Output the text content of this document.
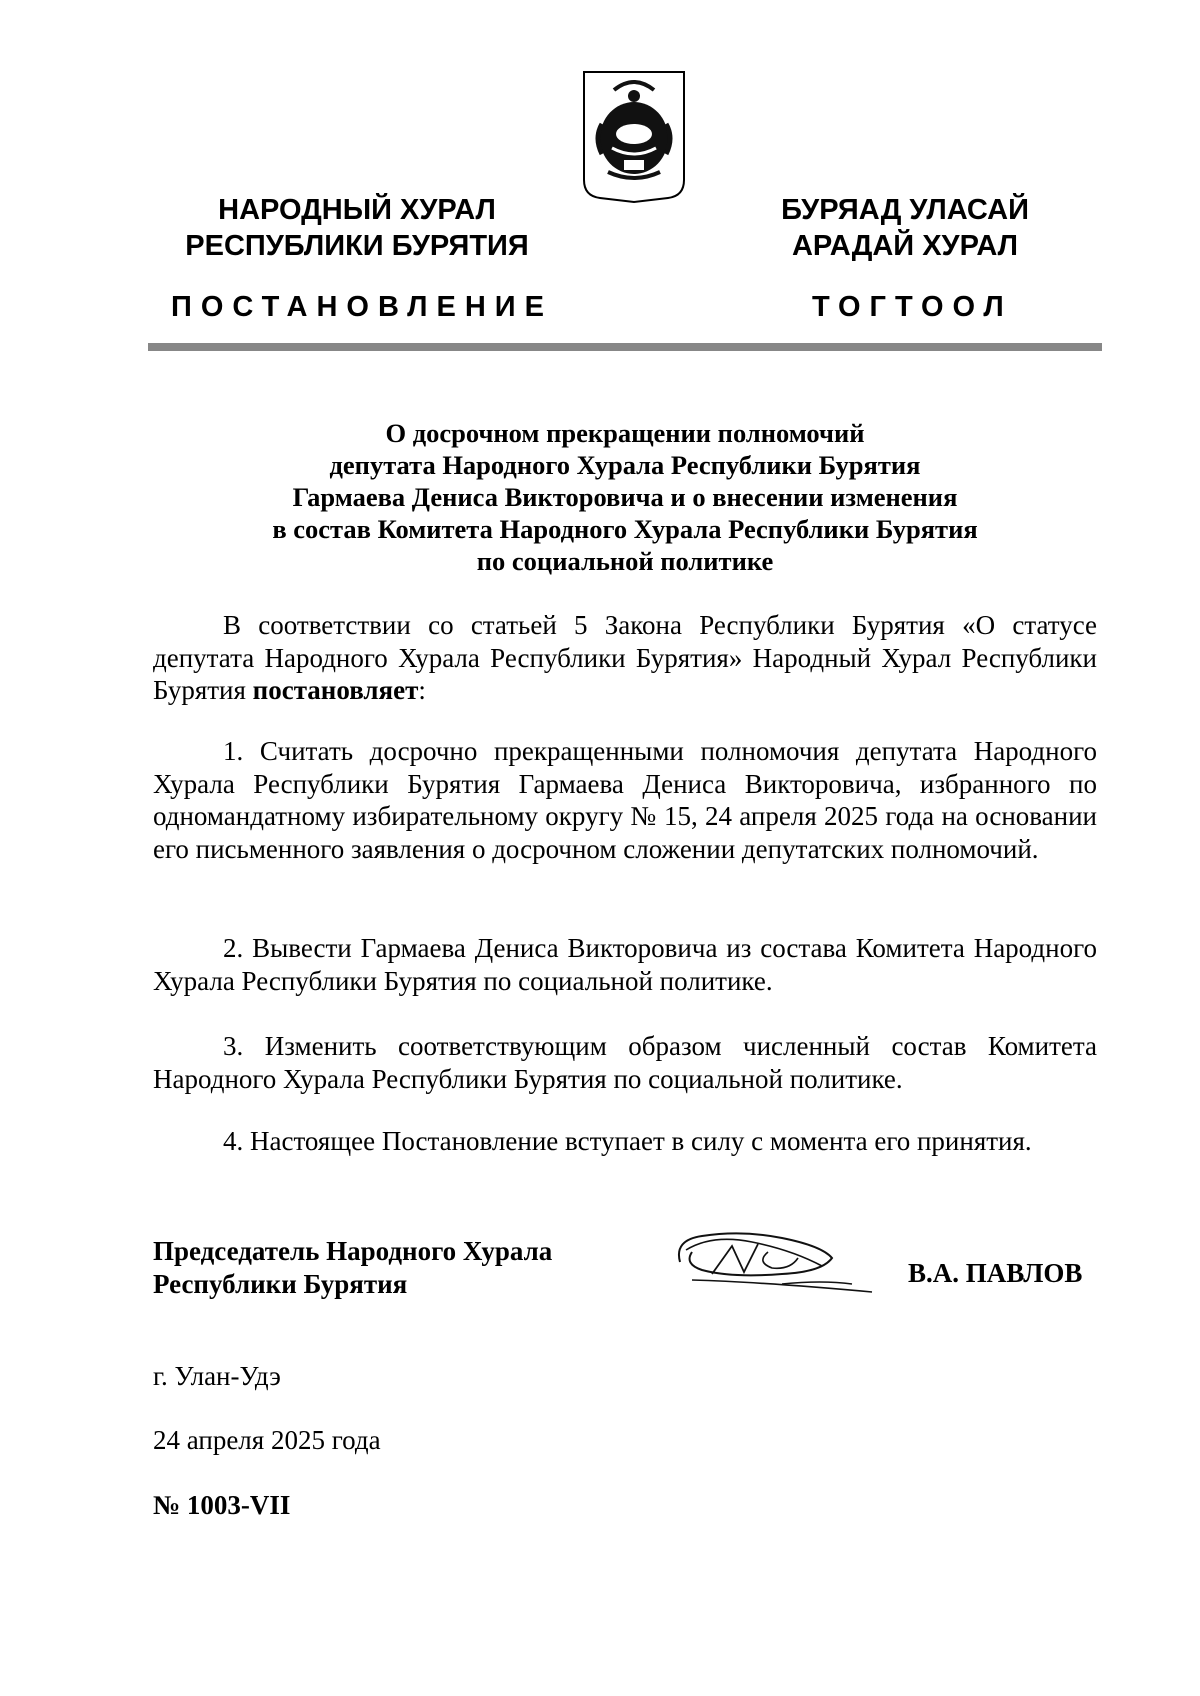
НАРОДНЫЙ ХУРАЛ
РЕСПУБЛИКИ БУРЯТИЯ
БУРЯАД УЛАСАЙ
АРАДАЙ ХУРАЛ
ПОСТАНОВЛЕНИЕ	ТОГТООЛ
О досрочном прекращении полномочий
депутата Народного Хурала Республики Бурятия
Гармаева Дениса Викторовича и о внесении изменения
в состав Комитета Народного Хурала Республики Бурятия
по социальной политике

В соответствии со статьей 5 Закона Республики Бурятия «О статусе депутата Народного Хурала Республики Бурятия» Народный Хурал Республики Бурятия постановляет:

1. Считать досрочно прекращенными полномочия депутата Народного Хурала Республики Бурятия Гармаева Дениса Викторовича, избранного по одномандатному избирательному округу № 15, 24 апреля 2025 года на основании его письменного заявления о досрочном сложении депутатских полномочий.

2. Вывести Гармаева Дениса Викторовича из состава Комитета Народного Хурала Республики Бурятия по социальной политике.

3. Изменить соответствующим образом численный состав Комитета Народного Хурала Республики Бурятия по социальной политике.

4. Настоящее Постановление вступает в силу с момента его принятия.

Председатель Народного Хурала
Республики Бурятия	В.А. ПАВЛОВ
г. Улан-Удэ
24 апреля 2025 года
№ 1003-VII
